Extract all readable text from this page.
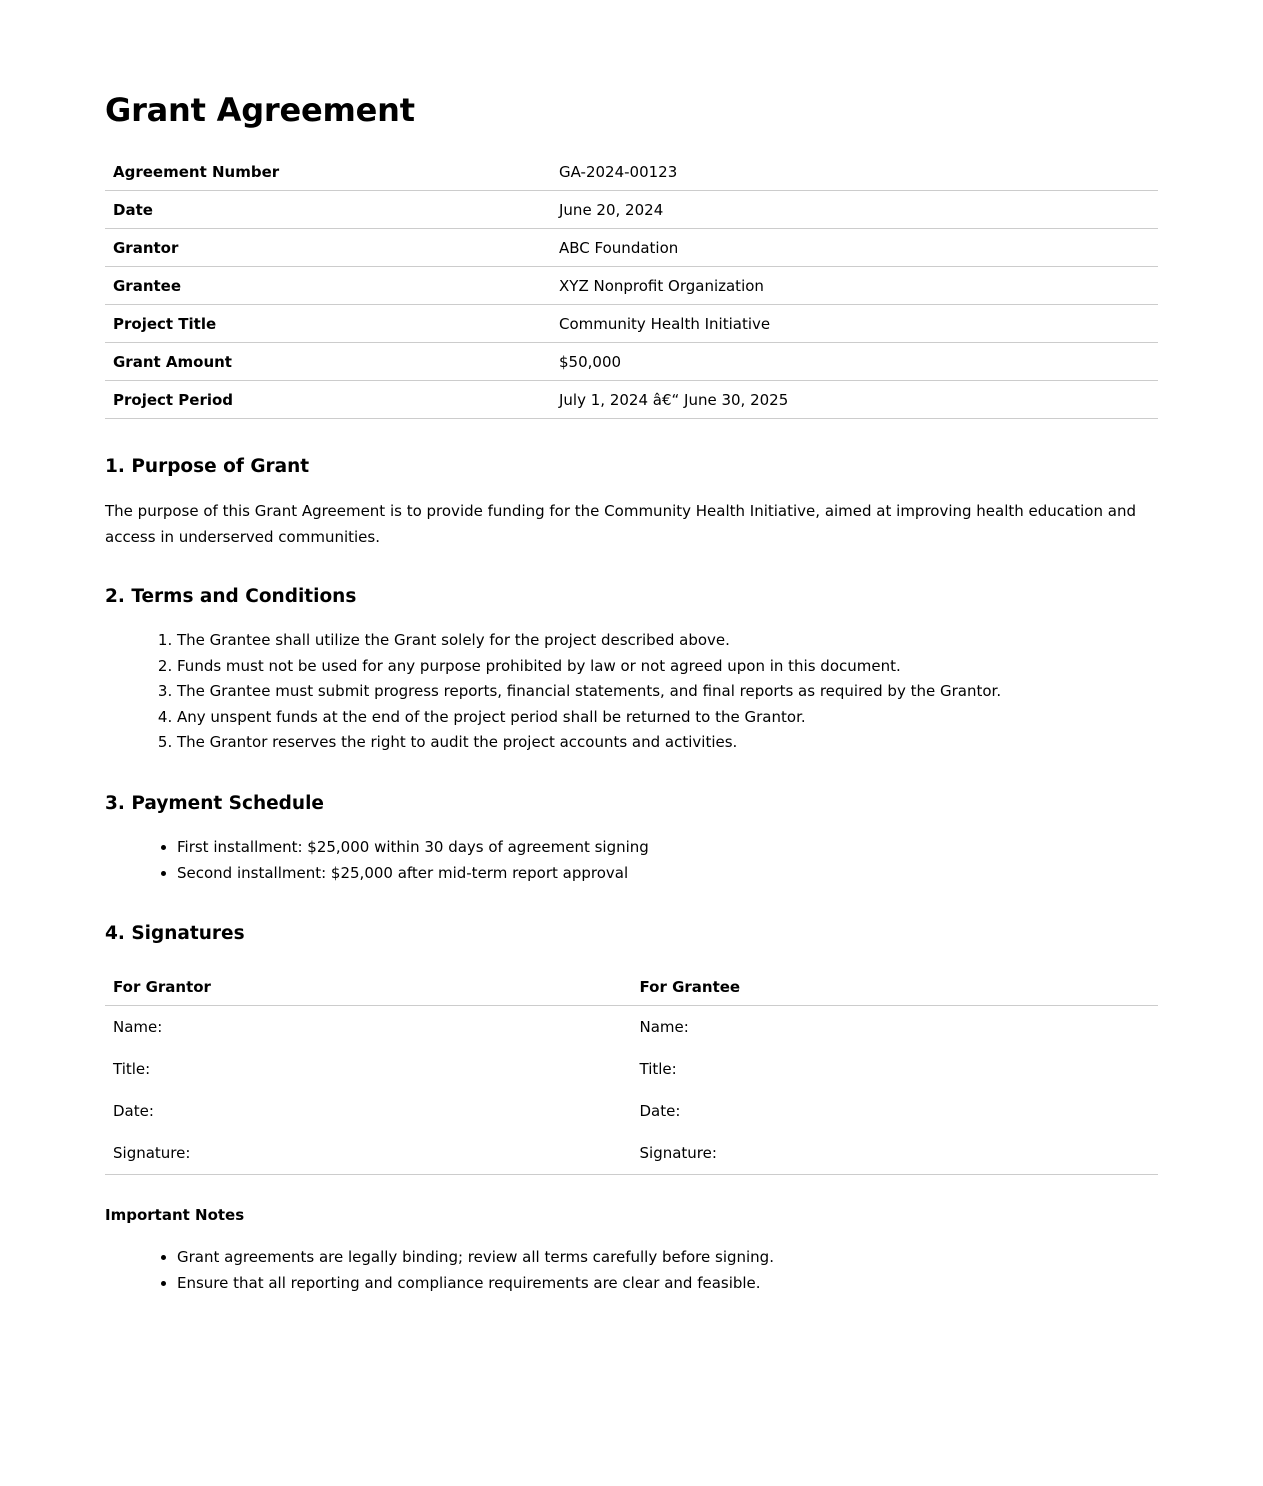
Grant Agreement
Agreement Number	GA-2024-00123
Date	June 20, 2024
Grantor	ABC Foundation
Grantee	XYZ Nonprofit Organization
Project Title	Community Health Initiative
Grant Amount	$50,000
Project Period	July 1, 2024 â€“ June 30, 2025
1. Purpose of Grant

The purpose of this Grant Agreement is to provide funding for the Community Health Initiative, aimed at improving health education and access in underserved communities.

2. Terms and Conditions
1. The Grantee shall utilize the Grant solely for the project described above.
2. Funds must not be used for any purpose prohibited by law or not agreed upon in this document.
3. The Grantee must submit progress reports, financial statements, and final reports as required by the Grantor.
4. Any unspent funds at the end of the project period shall be returned to the Grantor.
5. The Grantor reserves the right to audit the project accounts and activities.
3. Payment Schedule
• First installment: $25,000 within 30 days of agreement signing
• Second installment: $25,000 after mid-term report approval
4. Signatures
For Grantor	For Grantee
Name:	Name:
Title:	Title:
Date:	Date:
Signature:	Signature:

Important Notes

• Grant agreements are legally binding; review all terms carefully before signing.
• Ensure that all reporting and compliance requirements are clear and feasible.
